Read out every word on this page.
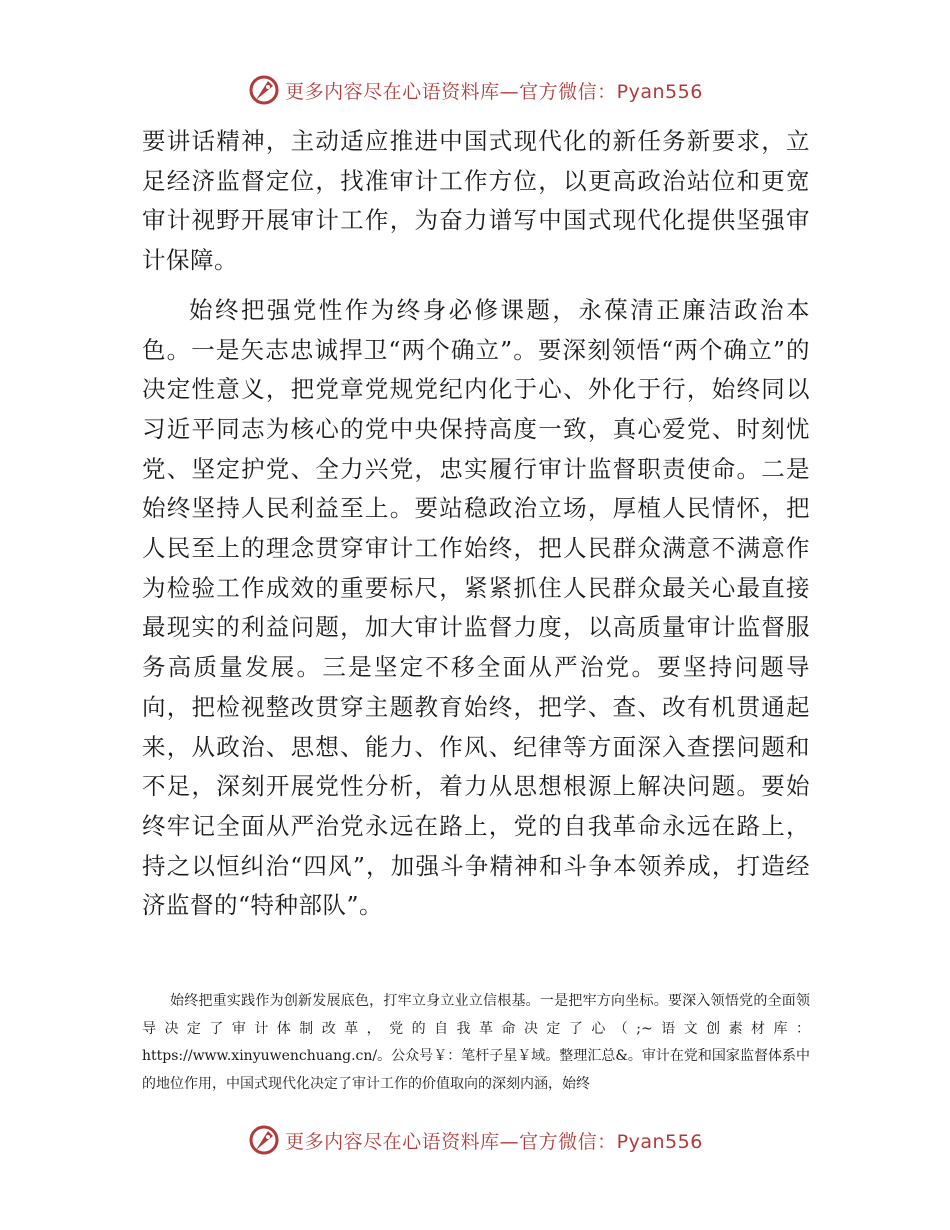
更多内容尽在心语资料库—官方微信：Pyan556

要讲话精神，主动适应推进中国式现代化的新任务新要求，立足经济监督定位，找准审计工作方位，以更高政治站位和更宽审计视野开展审计工作，为奋力谱写中国式现代化提供坚强审计保障。

始终把强党性作为终身必修课题，永葆清正廉洁政治本色。一是矢志忠诚捍卫“两个确立”。要深刻领悟“两个确立”的决定性意义，把党章党规党纪内化于心、外化于行，始终同以习近平同志为核心的党中央保持高度一致，真心爱党、时刻忧党、坚定护党、全力兴党，忠实履行审计监督职责使命。二是始终坚持人民利益至上。要站稳政治立场，厚植人民情怀，把人民至上的理念贯穿审计工作始终，把人民群众满意不满意作为检验工作成效的重要标尺，紧紧抓住人民群众最关心最直接最现实的利益问题，加大审计监督力度，以高质量审计监督服务高质量发展。三是坚定不移全面从严治党。要坚持问题导向，把检视整改贯穿主题教育始终，把学、查、改有机贯通起来，从政治、思想、能力、作风、纪律等方面深入查摆问题和不足，深刻开展党性分析，着力从思想根源上解决问题。要始终牢记全面从严治党永远在路上，党的自我革命永远在路上，持之以恒纠治“四风”，加强斗争精神和斗争本领养成，打造经济监督的“特种部队”。

始终把重实践作为创新发展底色，打牢立身立业立信根基。一是把牢方向坐标。要深入领悟党的全面领导决定了审计体制改革，党的自我革命决定了心（;~语文创素材库：https://www.xinyuwenchuang.cn/。公众号￥：笔杆子星￥域。整理汇总&。审计在党和国家监督体系中的地位作用，中国式现代化决定了审计工作的价值取向的深刻内涵，始终

更多内容尽在心语资料库—官方微信：Pyan556
